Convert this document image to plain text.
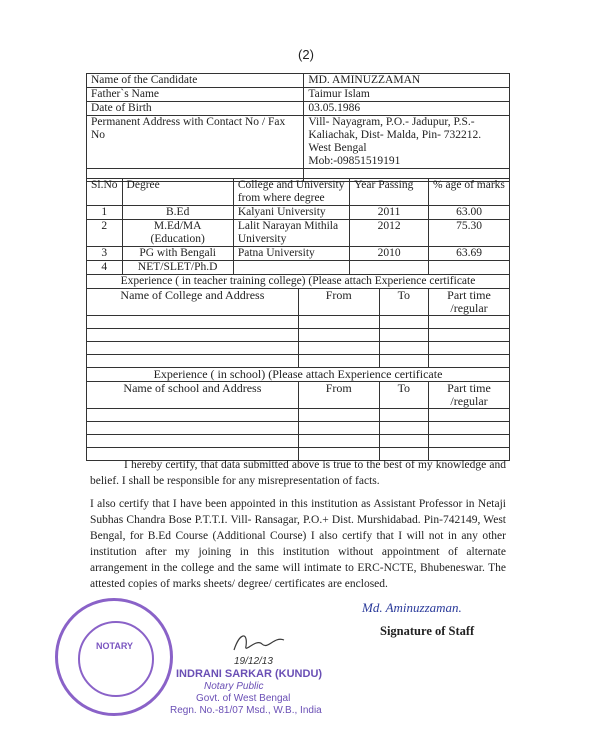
(2)
Name of the Candidate	MD. AMINUZZAMAN
Father`s Name	Taimur Islam
Date of Birth	03.05.1986
Permanent Address with Contact No / Fax No	Vill- Nayagram, P.O.- Jadupur, P.S.-
Kaliachak, Dist- Malda, Pin- 732212.
West Bengal
Mob:-09851519191

Sl.No	Degree	College and University from where degree		Year Passing		% age of marks
1	B.Ed	Kalyani University		2011		63.00
2	M.Ed/MA (Education)	Lalit Narayan Mithila University		2012		75.30
3	PG with Bengali	Patna University		2010		63.69
4	NET/SLET/Ph.D					
Experience ( in teacher training college) (Please attach Experience certificate						
Name of College and Address			From		To	Part time /regular

Experience ( in school) (Please attach Experience certificate						
Name of school and Address			From		To	Part time /regular

I hereby certify, that data submitted above is true to the best of my knowledge and belief. I shall be responsible for any misrepresentation of facts.
I also certify that I have been appointed in this institution as Assistant Professor in Netaji Subhas Chandra Bose P.T.T.I. Vill- Ransagar, P.O.+ Dist. Murshidabad. Pin-742149, West Bengal, for B.Ed Course (Additional Course) I also certify that I will not in any other institution after my joining in this institution without appointment of alternate arrangement in the college and the same will intimate to ERC-NCTE, Bhubeneswar. The attested copies of marks sheets/ degree/ certificates are enclosed.
NOTARY
19/12/13
INDRANI SARKAR (KUNDU)
Notary Public
Govt. of West Bengal
Regn. No.-81/07 Msd., W.B., India
Md. Aminuzzaman.
Signature of Staff
